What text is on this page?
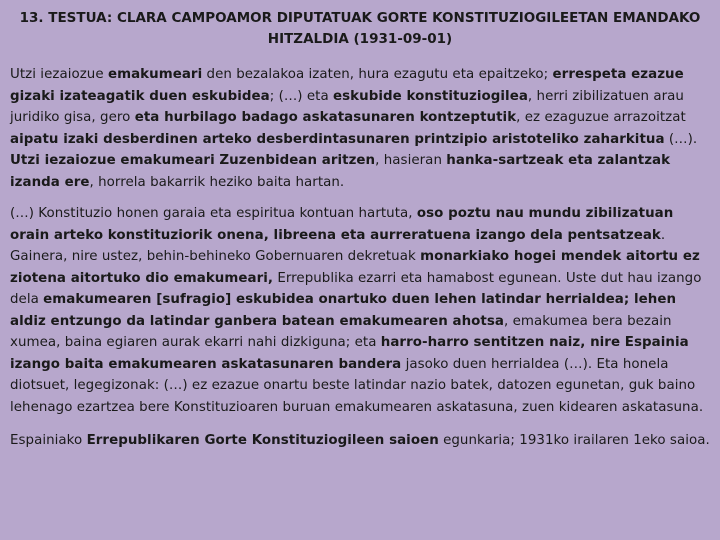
13. TESTUA: CLARA CAMPOAMOR DIPUTATUAK GORTE KONSTITUZIOGILEETAN EMANDAKO HITZALDIA (1931-09-01)
Utzi iezaiozue emakumeari den bezalakoa izaten, hura ezagutu eta epaitzeko; errespeta ezazue gizaki izateagatik duen eskubidea; (…) eta eskubide konstituziogilea, herri zibilizatuen arau juridiko gisa, gero eta hurbilago badago askatasunaren kontzeptutik, ez ezaguzue arrazoitzat aipatu izaki desberdinen arteko desberdintasunaren printzipio aristoteliko zaharkitua (…). Utzi iezaiozue emakumeari Zuzenbidean aritzen, hasieran hanka-sartzeak eta zalantzak izanda ere, horrela bakarrik heziko baita hartan.
(…) Konstituzio honen garaia eta espiritua kontuan hartuta, oso poztu nau mundu zibilizatuan orain arteko konstituziorik onena, libreena eta aurreratuena izango dela pentsatzeak. Gainera, nire ustez, behin-behineko Gobernuaren dekretuak monarkiako hogei mendek aitortu ez ziotena aitortuko dio emakumeari, Errepublika ezarri eta hamabost egunean. Uste dut hau izango dela emakumearen [sufragio] eskubidea onartuko duen lehen latindar herrialdea; lehen aldiz entzungo da latindar ganbera batean emakumearen ahotsa, emakumea bera bezain xumea, baina egiaren aurak ekarri nahi dizkiguna; eta harro-harro sentitzen naiz, nire Espainia izango baita emakumearen askatasunaren bandera jasoko duen herrialdea (…). Eta honela diotsuet, legegizonak: (…) ez ezazue onartu beste latindar nazio batek, datozen egunetan, guk baino lehenago ezartzea bere Konstituzioaren buruan emakumearen askatasuna, zuen kidearen askatasuna.
Espainiako Errepublikaren Gorte Konstituziogileen saioen egunkaria; 1931ko irailaren 1eko saioa.
